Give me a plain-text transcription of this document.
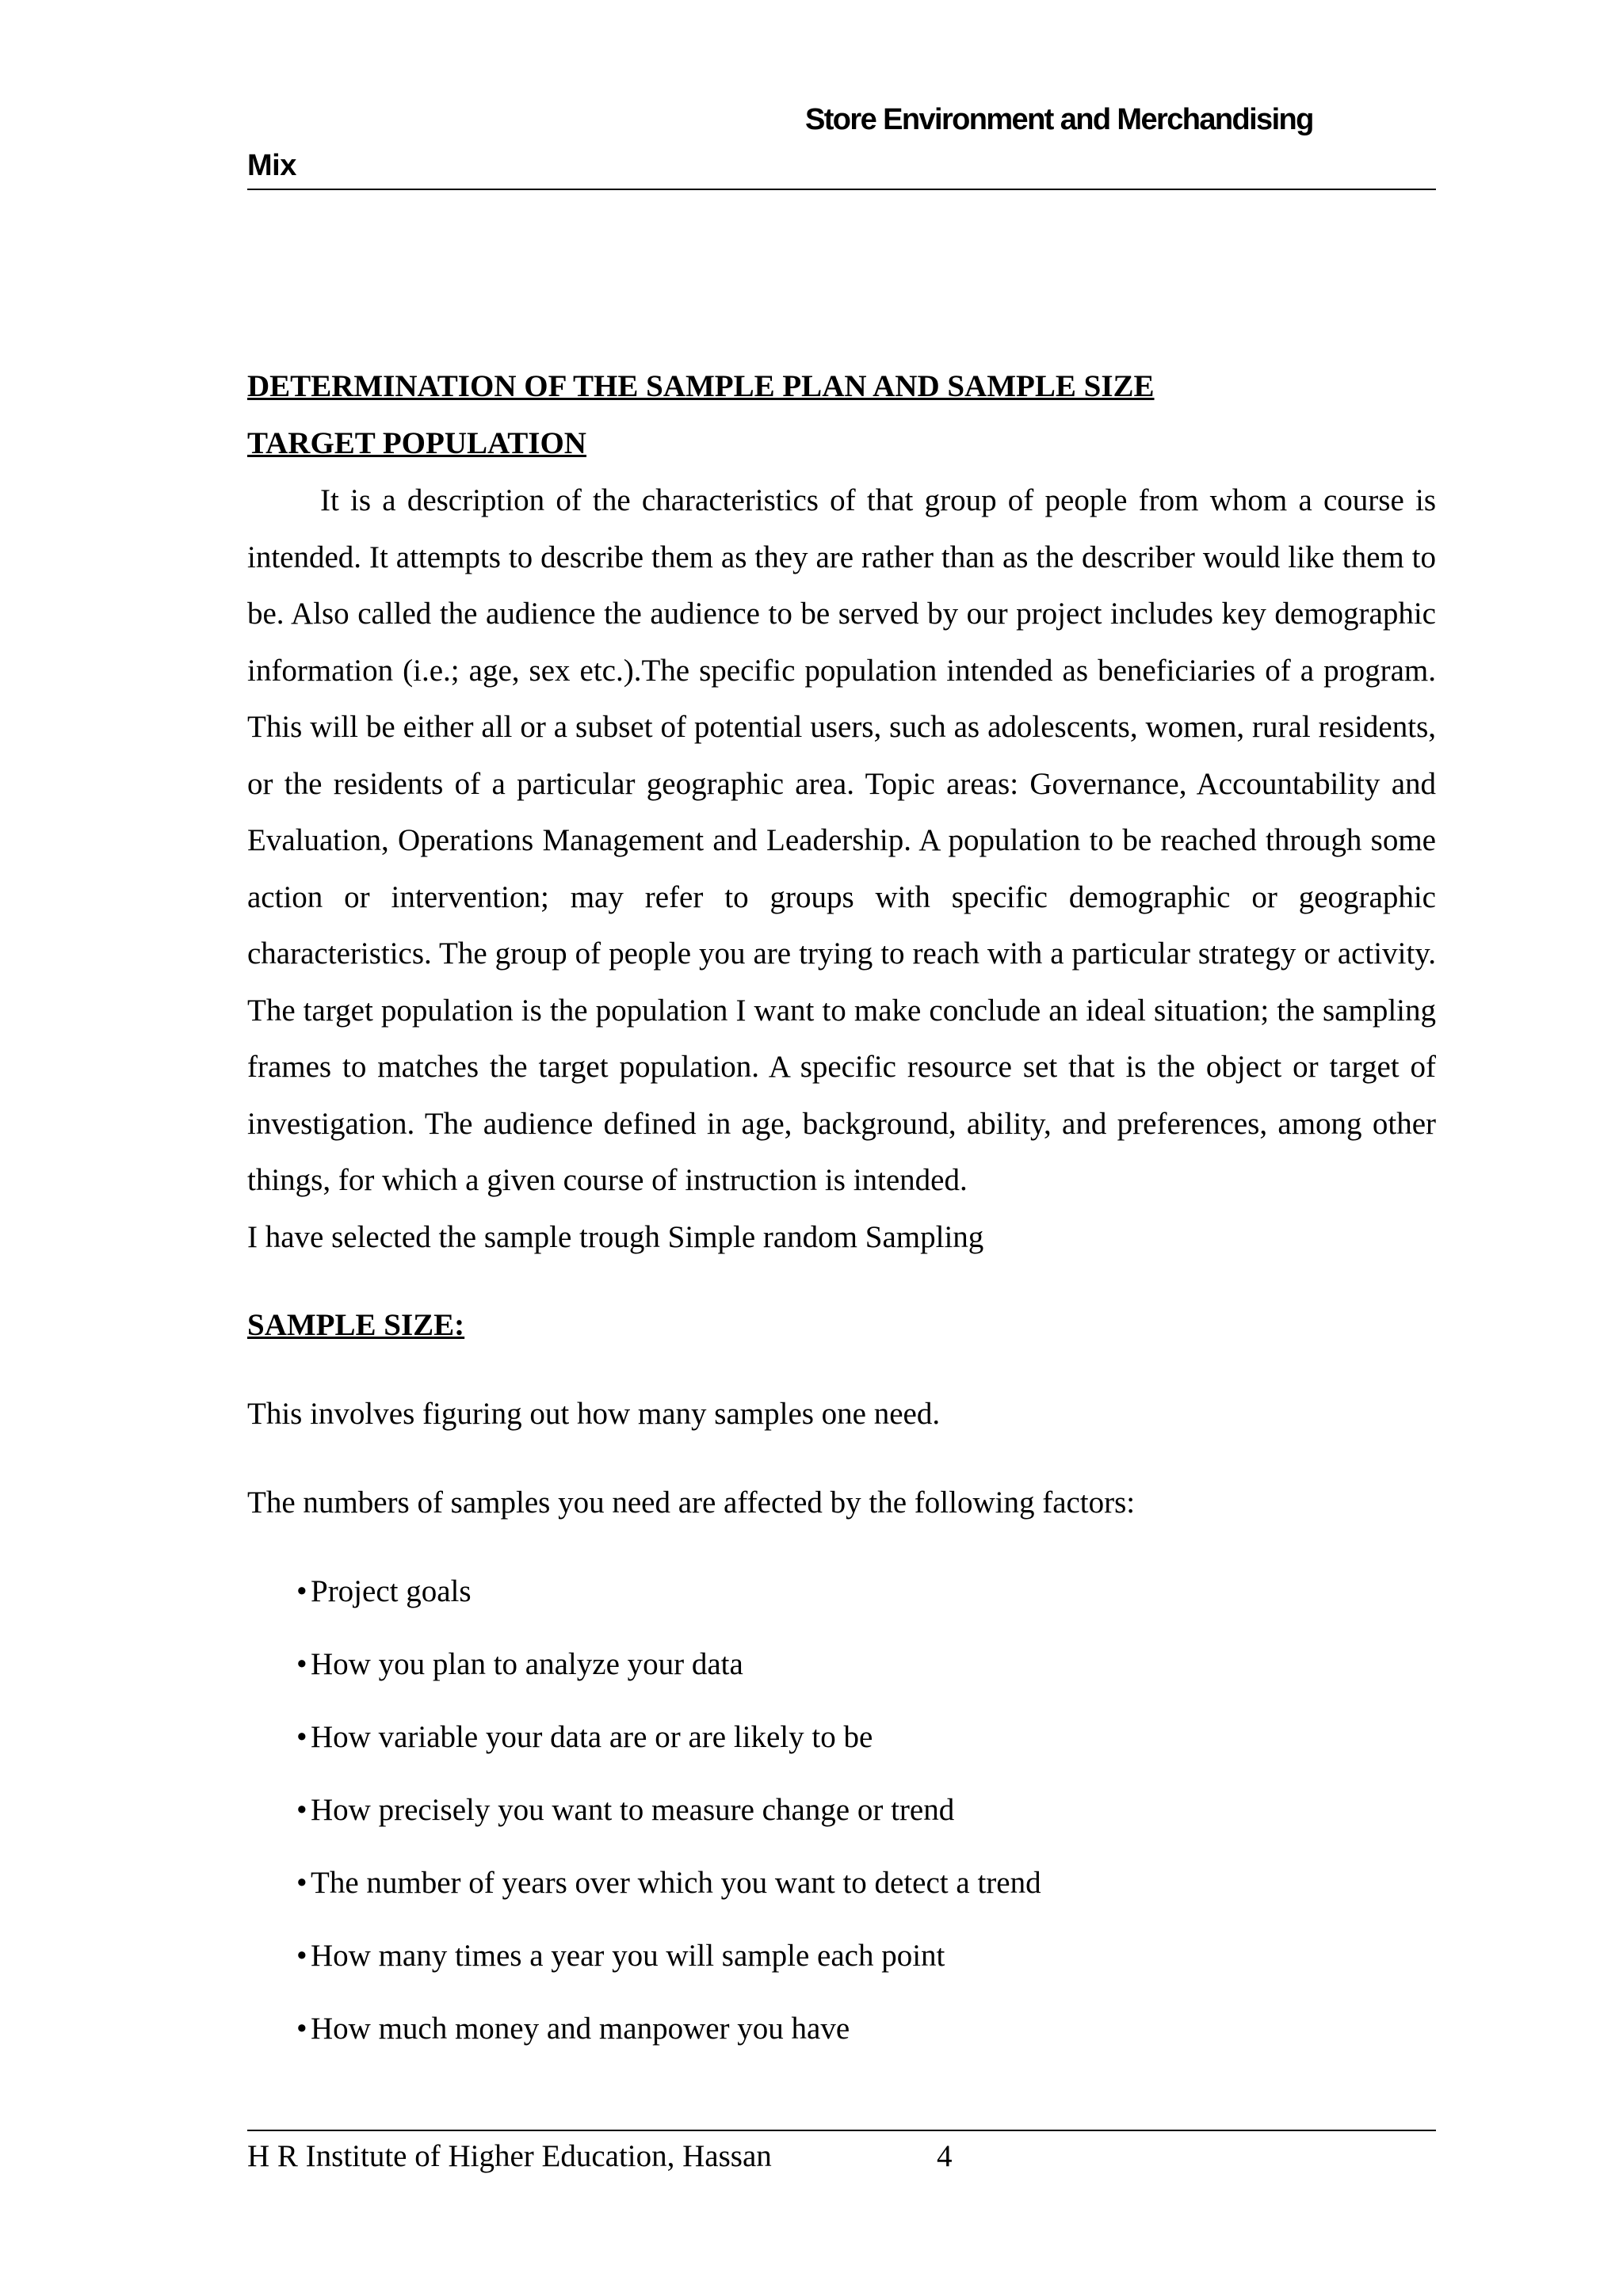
Store Environment and Merchandising
Mix

DETERMINATION OF THE SAMPLE PLAN AND SAMPLE SIZE

TARGET POPULATION

It is a description of the characteristics of that group of people from whom a course is intended. It attempts to describe them as they are rather than as the describer would like them to be. Also called the audience the audience to be served by our project includes key demographic information (i.e.; age, sex etc.).The specific population intended as beneficiaries of a program. This will be either all or a subset of potential users, such as adolescents, women, rural residents, or the residents of a particular geographic area. Topic areas: Governance, Accountability and Evaluation, Operations Management and Leadership. A population to be reached through some action or intervention; may refer to groups with specific demographic or geographic characteristics. The group of people you are trying to reach with a particular strategy or activity. The target population is the population I want to make conclude an ideal situation; the sampling frames to matches the target population. A specific resource set that is the object or target of investigation. The audience defined in age, background, ability, and preferences, among other things, for which a given course of instruction is intended.

I have selected the sample trough Simple random Sampling

SAMPLE SIZE:

This involves figuring out how many samples one need.

The numbers of samples you need are affected by the following factors:

• Project goals
• How you plan to analyze your data
• How variable your data are or are likely to be
• How precisely you want to measure change or trend
• The number of years over which you want to detect a trend
• How many times a year you will sample each point
• How much money and manpower you have
H R Institute of Higher Education, Hassan	4
